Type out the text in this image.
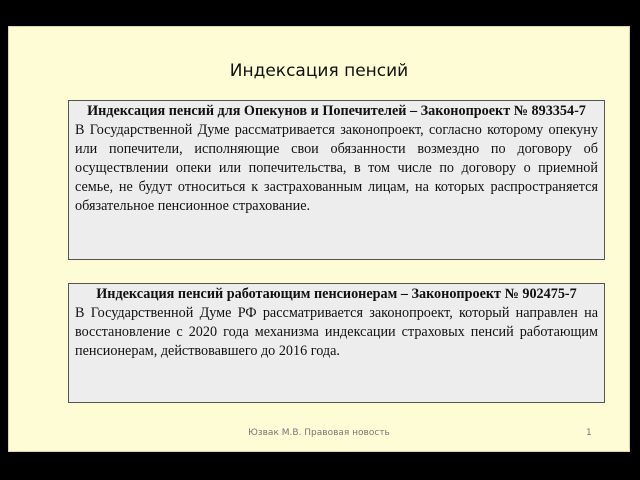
Индексация пенсий
Индексация пенсий для Опекунов и Попечителей – Законопроект № 893354-7
В Государственной Думе рассматривается законопроект, согласно которому опекуну или попечители, исполняющие свои обязанности возмездно по договору об осуществлении опеки или попечительства, в том числе по договору о приемной семье, не будут относиться к застрахованным лицам, на которых распространяется обязательное пенсионное страхование.
Индексация пенсий работающим пенсионерам – Законопроект № 902475-7
В Государственной Думе РФ рассматривается законопроект, который направлен на восстановление с 2020 года механизма индексации страховых пенсий работающим пенсионерам, действовавшего до 2016 года.
Юзвак М.В. Правовая новость	1
